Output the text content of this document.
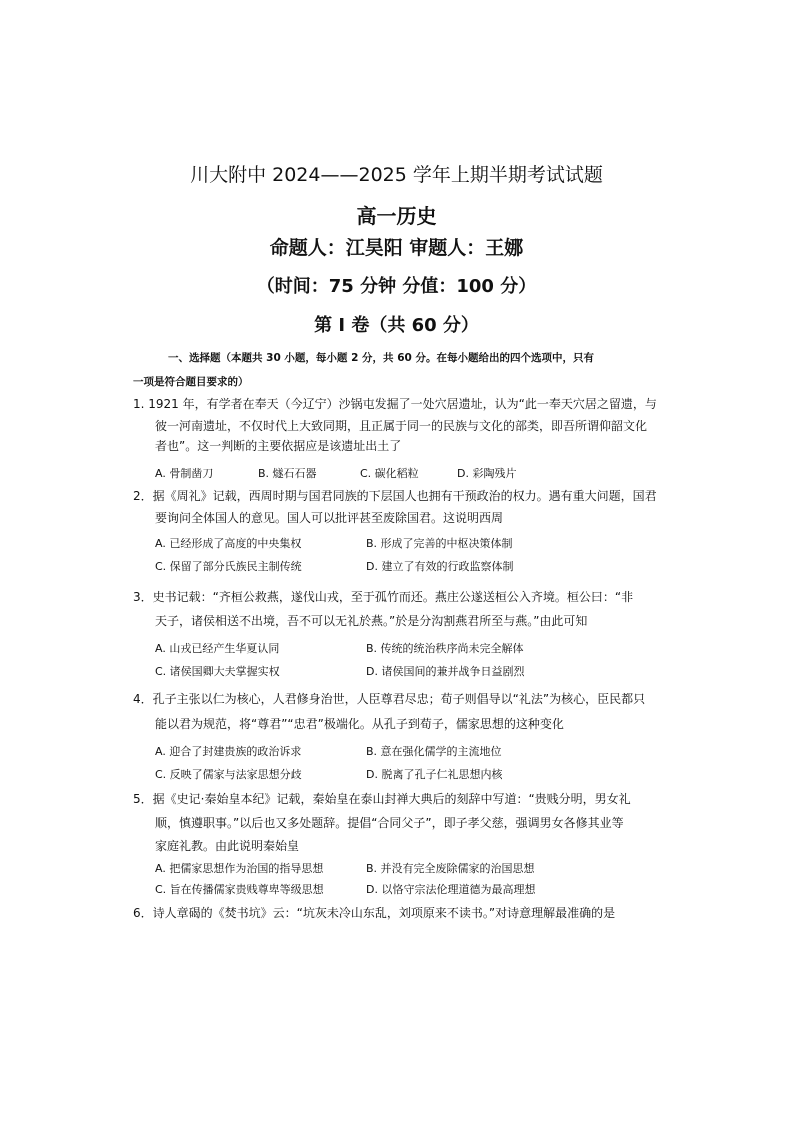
川大附中 2024——2025 学年上期半期考试试题
高一历史
命题人：江昊阳 审题人：王娜
（时间：75 分钟 分值：100 分）
第 I 卷（共 60 分）
一、选择题（本题共 30 小题，每小题 2 分，共 60 分。在每小题给出的四个选项中，只有
一项是符合题目要求的）
1. 1921 年，有学者在奉天（今辽宁）沙锅屯发掘了一处穴居遗址，认为“此一奉天穴居之留遗，与
彼一河南遗址，不仅时代上大致同期，且正属于同一的民族与文化的部类，即吾所谓仰韶文化
者也”。这一判断的主要依据应是该遗址出土了
A. 骨制凿刀	B. 燧石石器	C. 碳化稻粒	D. 彩陶残片
2．据《周礼》记载，西周时期与国君同族的下层国人也拥有干预政治的权力。遇有重大问题，国君
要询问全体国人的意见。国人可以批评甚至废除国君。这说明西周
A. 已经形成了高度的中央集权	B. 形成了完善的中枢决策体制
C. 保留了部分氏族民主制传统	D. 建立了有效的行政监察体制
3．史书记载：“齐桓公救燕，遂伐山戎，至于孤竹而还。燕庄公遂送桓公入齐境。桓公曰：“非
天子，诸侯相送不出境，吾不可以无礼於燕。”於是分沟割燕君所至与燕。”由此可知
A. 山戎已经产生华夏认同	B. 传统的统治秩序尚未完全解体
C. 诸侯国卿大夫掌握实权	D. 诸侯国间的兼并战争日益剧烈
4．孔子主张以仁为核心，人君修身治世，人臣尊君尽忠；荀子则倡导以“礼法”为核心，臣民都只
能以君为规范，将“尊君”“忠君”极端化。从孔子到荀子，儒家思想的这种变化
A. 迎合了封建贵族的政治诉求	B. 意在强化儒学的主流地位
C. 反映了儒家与法家思想分歧	D. 脱离了孔子仁礼思想内核
5．据《史记·秦始皇本纪》记载，秦始皇在泰山封禅大典后的刻辞中写道：“贵贱分明，男女礼
顺，慎遵职事。”以后也又多处题辞。提倡“合同父子”，即子孝父慈，强调男女各修其业等
家庭礼教。由此说明秦始皇
A. 把儒家思想作为治国的指导思想	B. 并没有完全废除儒家的治国思想
C. 旨在传播儒家贵贱尊卑等级思想	D. 以恪守宗法伦理道德为最高理想
6．诗人章碣的《焚书坑》云：“坑灰未冷山东乱，刘项原来不读书。”对诗意理解最准确的是
